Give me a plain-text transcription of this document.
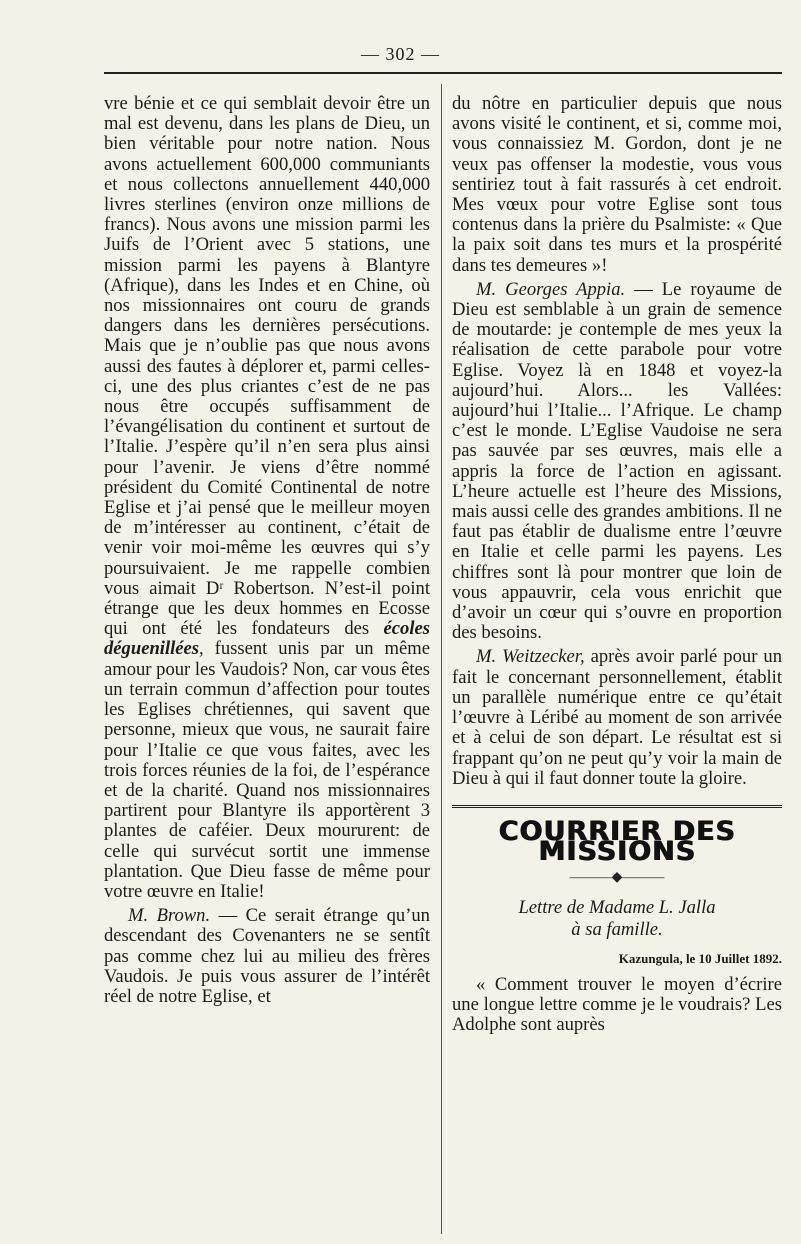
— 302 —

vre bénie et ce qui semblait devoir être un mal est devenu, dans les plans de Dieu, un bien véritable pour notre nation. Nous avons actuellement 600,000 communiants et nous collectons annuellement 440,000 livres sterlines (environ onze millions de francs). Nous avons une mission parmi les Juifs de l’Orient avec 5 stations, une mission parmi les payens à Blantyre (Afrique), dans les Indes et en Chine, où nos missionnaires ont couru de grands dangers dans les dernières persécutions. Mais que je n’oublie pas que nous avons aussi des fautes à déplorer et, parmi celles-ci, une des plus criantes c’est de ne pas nous être occupés suffisamment de l’évangélisation du continent et surtout de l’Italie. J’espère qu’il n’en sera plus ainsi pour l’avenir. Je viens d’être nommé président du Comité Continental de notre Eglise et j’ai pensé que le meilleur moyen de m’intéresser au continent, c’était de venir voir moi-même les œuvres qui s’y poursuivaient. Je me rappelle combien vous aimait Dʳ Robertson. N’est-il point étrange que les deux hommes en Ecosse qui ont été les fondateurs des écoles déguenillées, fussent unis par un même amour pour les Vaudois? Non, car vous êtes un terrain commun d’affection pour toutes les Eglises chrétiennes, qui savent que personne, mieux que vous, ne saurait faire pour l’Italie ce que vous faites, avec les trois forces réunies de la foi, de l’espérance et de la charité. Quand nos missionnaires partirent pour Blantyre ils apportèrent 3 plantes de caféier. Deux moururent: de celle qui survécut sortit une immense plantation. Que Dieu fasse de même pour votre œuvre en Italie!

M. Brown. — Ce serait étrange qu’un descendant des Covenanters ne se sentît pas comme chez lui au milieu des frères Vaudois. Je puis vous assurer de l’intérêt réel de notre Eglise, et

du nôtre en particulier depuis que nous avons visité le continent, et si, comme moi, vous connaissiez M. Gordon, dont je ne veux pas offenser la modestie, vous vous sentiriez tout à fait rassurés à cet endroit. Mes vœux pour votre Eglise sont tous contenus dans la prière du Psalmiste: « Que la paix soit dans tes murs et la prospérité dans tes demeures »!

M. Georges Appia. — Le royaume de Dieu est semblable à un grain de semence de moutarde: je contemple de mes yeux la réalisation de cette parabole pour votre Eglise. Voyez là en 1848 et voyez-la aujourd’hui. Alors... les Vallées: aujourd’hui l’Italie... l’Afrique. Le champ c’est le monde. L’Eglise Vaudoise ne sera pas sauvée par ses œuvres, mais elle a appris la force de l’action en agissant. L’heure actuelle est l’heure des Missions, mais aussi celle des grandes ambitions. Il ne faut pas établir de dualisme entre l’œuvre en Italie et celle parmi les payens. Les chiffres sont là pour montrer que loin de vous appauvrir, cela vous enrichit que d’avoir un cœur qui s’ouvre en proportion des besoins.

M. Weitzecker, après avoir parlé pour un fait le concernant personnellement, établit un parallèle numérique entre ce qu’était l’œuvre à Léribé au moment de son arrivée et à celui de son départ. Le résultat est si frappant qu’on ne peut qu’y voir la main de Dieu à qui il faut donner toute la gloire.

COURRIER DES MISSIONS
———◆———
Lettre de Madame L. Jalla
à sa famille.
Kazungula, le 10 Juillet 1892.

« Comment trouver le moyen d’écrire une longue lettre comme je le voudrais? Les Adolphe sont auprès
